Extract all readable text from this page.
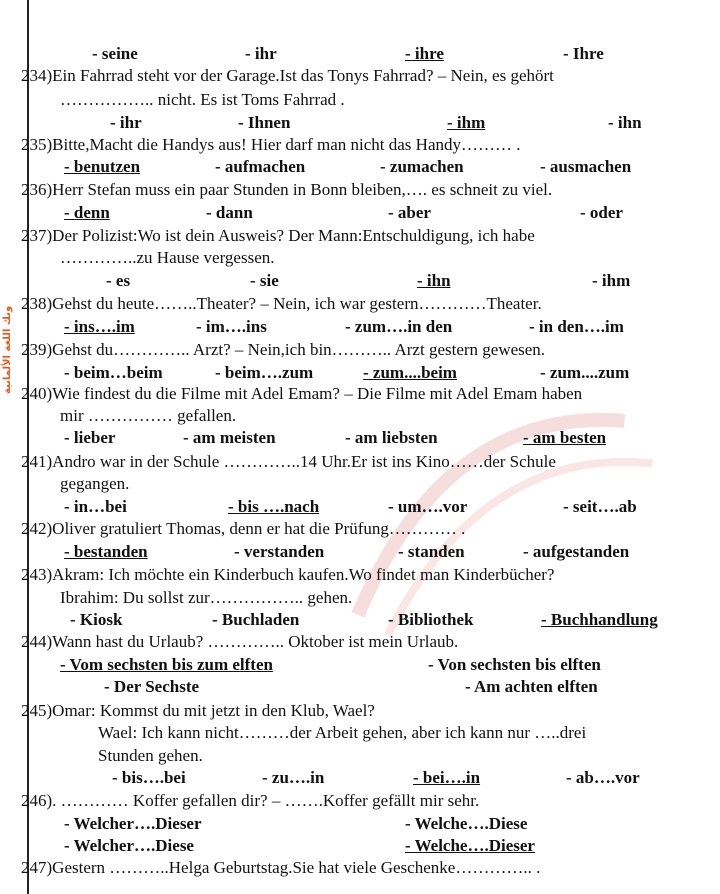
ونك اللغة الألمانية
- seine	- ihr	- ihre	- Ihre
234)Ein Fahrrad steht vor der Garage.Ist das Tonys Fahrrad? – Nein, es gehört
…………….. nicht. Es ist Toms Fahrrad .
- ihr	- Ihnen	- ihm	- ihn
235)Bitte,Macht die Handys aus! Hier darf man nicht das Handy……… .
- benutzen	- aufmachen	- zumachen	- ausmachen
236)Herr Stefan muss ein paar Stunden in Bonn bleiben,…. es schneit zu viel.
- denn	- dann	- aber	- oder
237)Der Polizist:Wo ist dein Ausweis? Der Mann:Entschuldigung, ich habe
…………..zu Hause vergessen.
- es	- sie	- ihn	- ihm
238)Gehst du heute……..Theater? – Nein, ich war gestern…………Theater.
- ins….im	- im….ins	- zum….in den	- in den….im
239)Gehst du………….. Arzt? – Nein,ich bin……….. Arzt gestern gewesen.
- beim…beim	- beim….zum	- zum....beim	- zum....zum
240)Wie findest du die Filme mit Adel Emam? – Die Filme mit Adel Emam haben
mir …………… gefallen.
- lieber	- am meisten	- am liebsten	- am besten
241)Andro war in der Schule …………..14 Uhr.Er ist ins Kino……der Schule
gegangen.
- in…bei	- bis ….nach	- um….vor	- seit….ab
242)Oliver gratuliert Thomas, denn er hat die Prüfung………… .
- bestanden	- verstanden	- standen	- aufgestanden
243)Akram: Ich möchte ein Kinderbuch kaufen.Wo findet man Kinderbücher?
Ibrahim: Du sollst zur…………….. gehen.
- Kiosk	- Buchladen	- Bibliothek	- Buchhandlung
244)Wann hast du Urlaub? ………….. Oktober ist mein Urlaub.
- Vom sechsten bis zum elften	- Von sechsten bis elften
- Der Sechste	- Am achten elften
245)Omar: Kommst du mit jetzt in den Klub, Wael?
Wael: Ich kann nicht………der Arbeit gehen, aber ich kann nur …..drei
Stunden gehen.
- bis….bei	- zu….in	- bei….in	- ab….vor
246). ………… Koffer gefallen dir? – …….Koffer gefällt mir sehr.
- Welcher….Dieser	- Welche….Diese
- Welcher….Diese	- Welche….Dieser
247)Gestern ………..Helga Geburtstag.Sie hat viele Geschenke………….. .
